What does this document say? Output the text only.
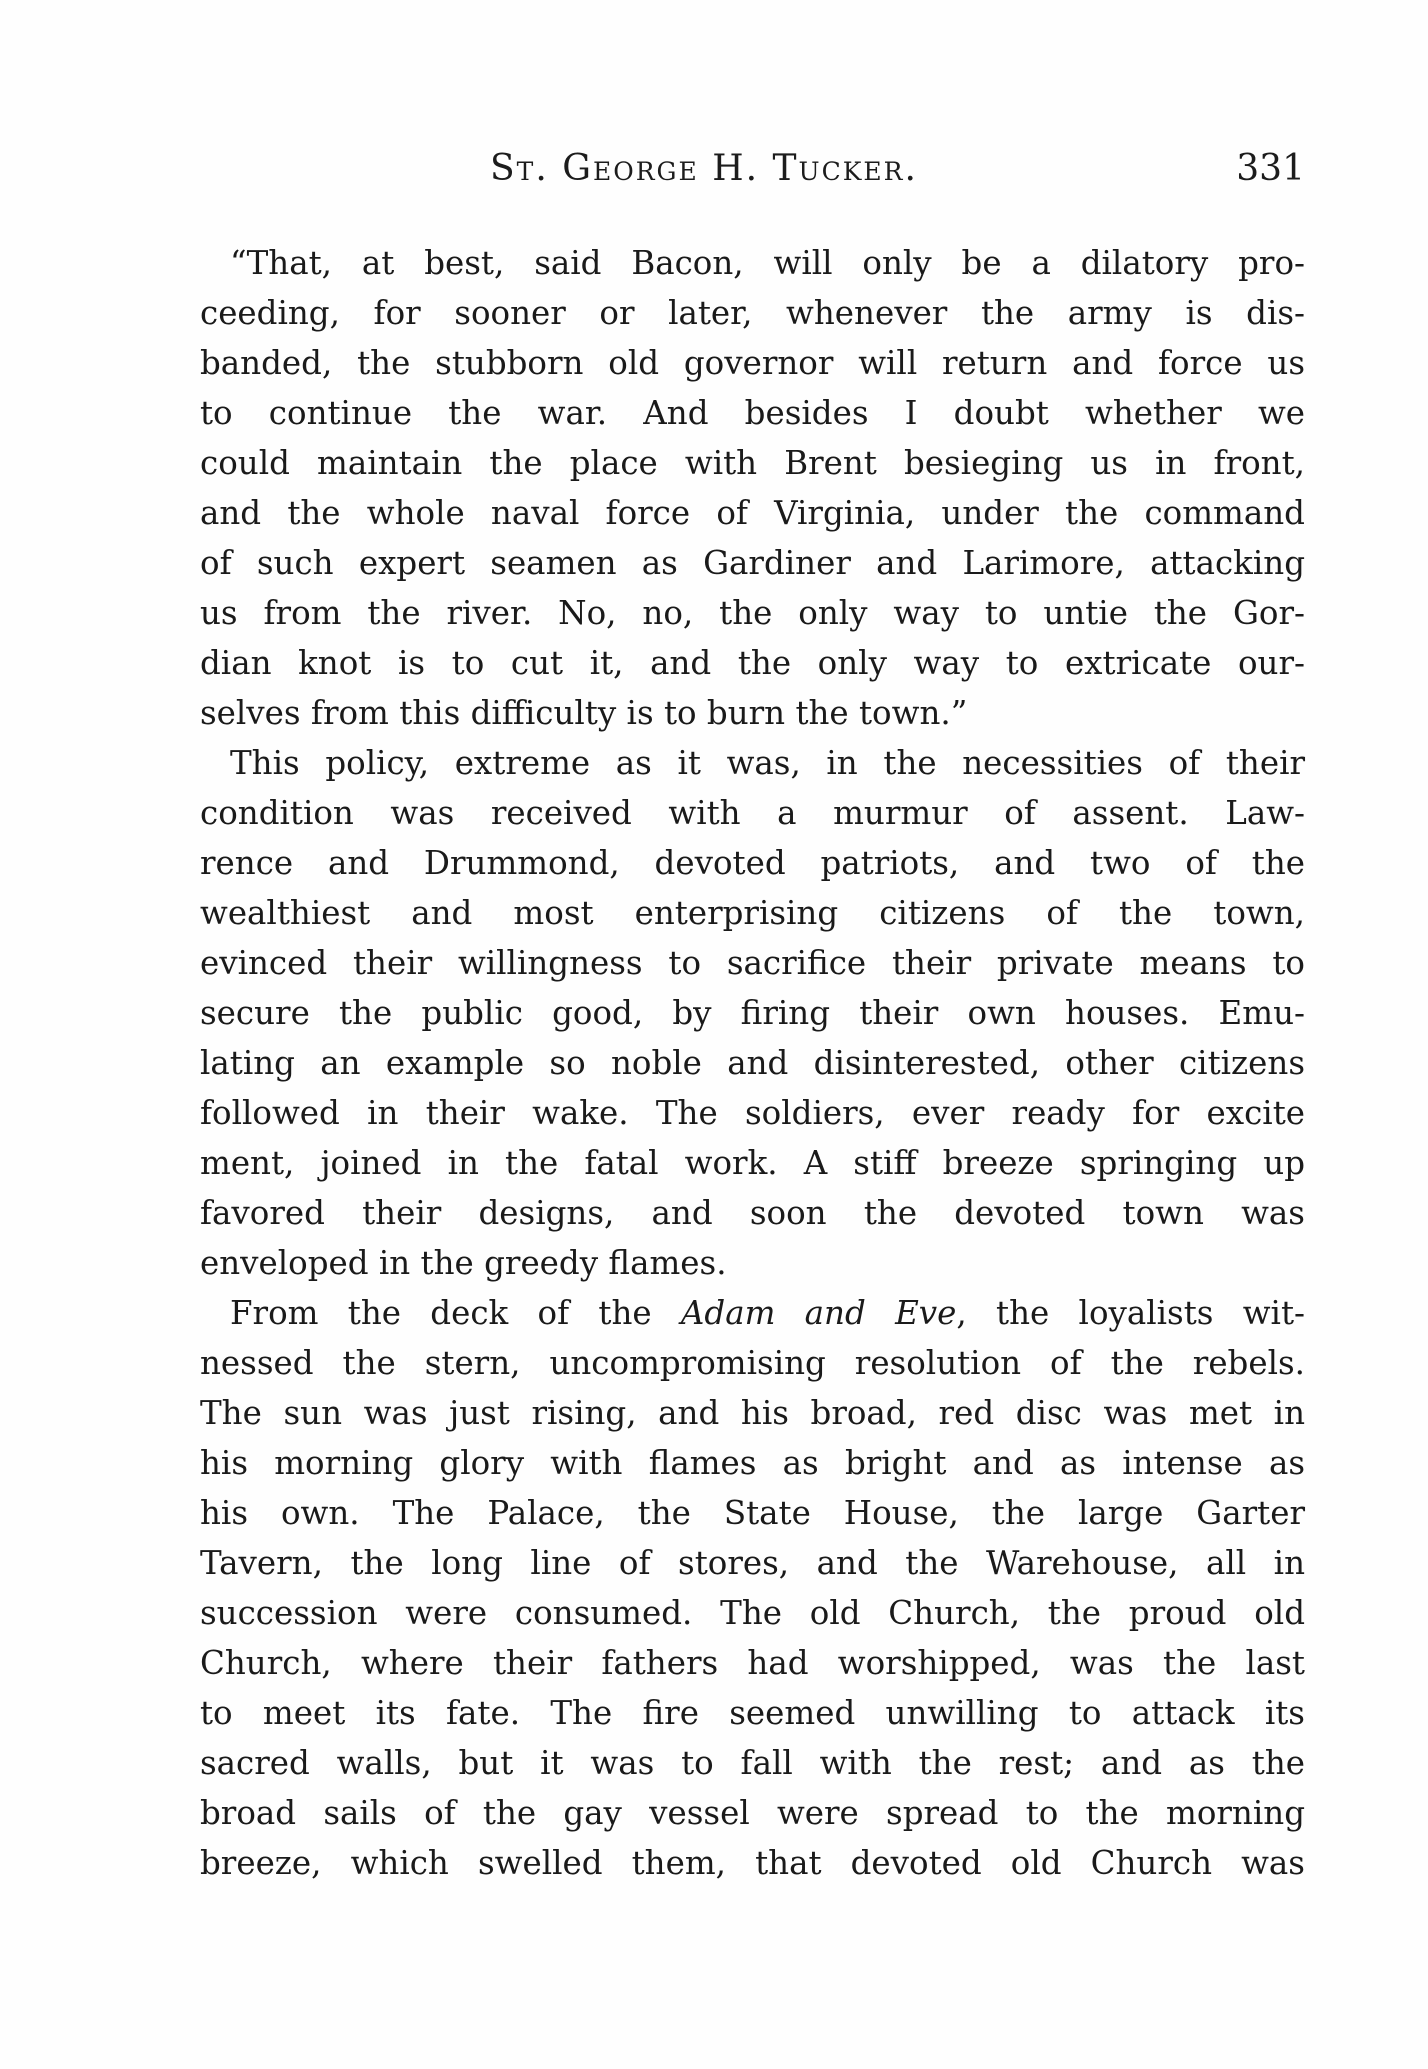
St. George H. Tucker.	331
“That, at best, said Bacon, will only be a dilatory pro-
ceeding, for sooner or later, whenever the army is dis-
banded, the stubborn old governor will return and force us
to continue the war. And besides I doubt whether we
could maintain the place with Brent besieging us in front,
and the whole naval force of Virginia, under the command
of such expert seamen as Gardiner and Larimore, attacking
us from the river. No, no, the only way to untie the Gor-
dian knot is to cut it, and the only way to extricate our-
selves from this difficulty is to burn the town.”
This policy, extreme as it was, in the necessities of their
condition was received with a murmur of assent. Law-
rence and Drummond, devoted patriots, and two of the
wealthiest and most enterprising citizens of the town,
evinced their willingness to sacrifice their private means to
secure the public good, by firing their own houses. Emu-
lating an example so noble and disinterested, other citizens
followed in their wake. The soldiers, ever ready for excite
ment, joined in the fatal work. A stiff breeze springing up
favored their designs, and soon the devoted town was
enveloped in the greedy flames.
From the deck of the Adam and Eve, the loyalists wit-
nessed the stern, uncompromising resolution of the rebels.
The sun was just rising, and his broad, red disc was met in
his morning glory with flames as bright and as intense as
his own. The Palace, the State House, the large Garter
Tavern, the long line of stores, and the Warehouse, all in
succession were consumed. The old Church, the proud old
Church, where their fathers had worshipped, was the last
to meet its fate. The fire seemed unwilling to attack its
sacred walls, but it was to fall with the rest; and as the
broad sails of the gay vessel were spread to the morning
breeze, which swelled them, that devoted old Church was
